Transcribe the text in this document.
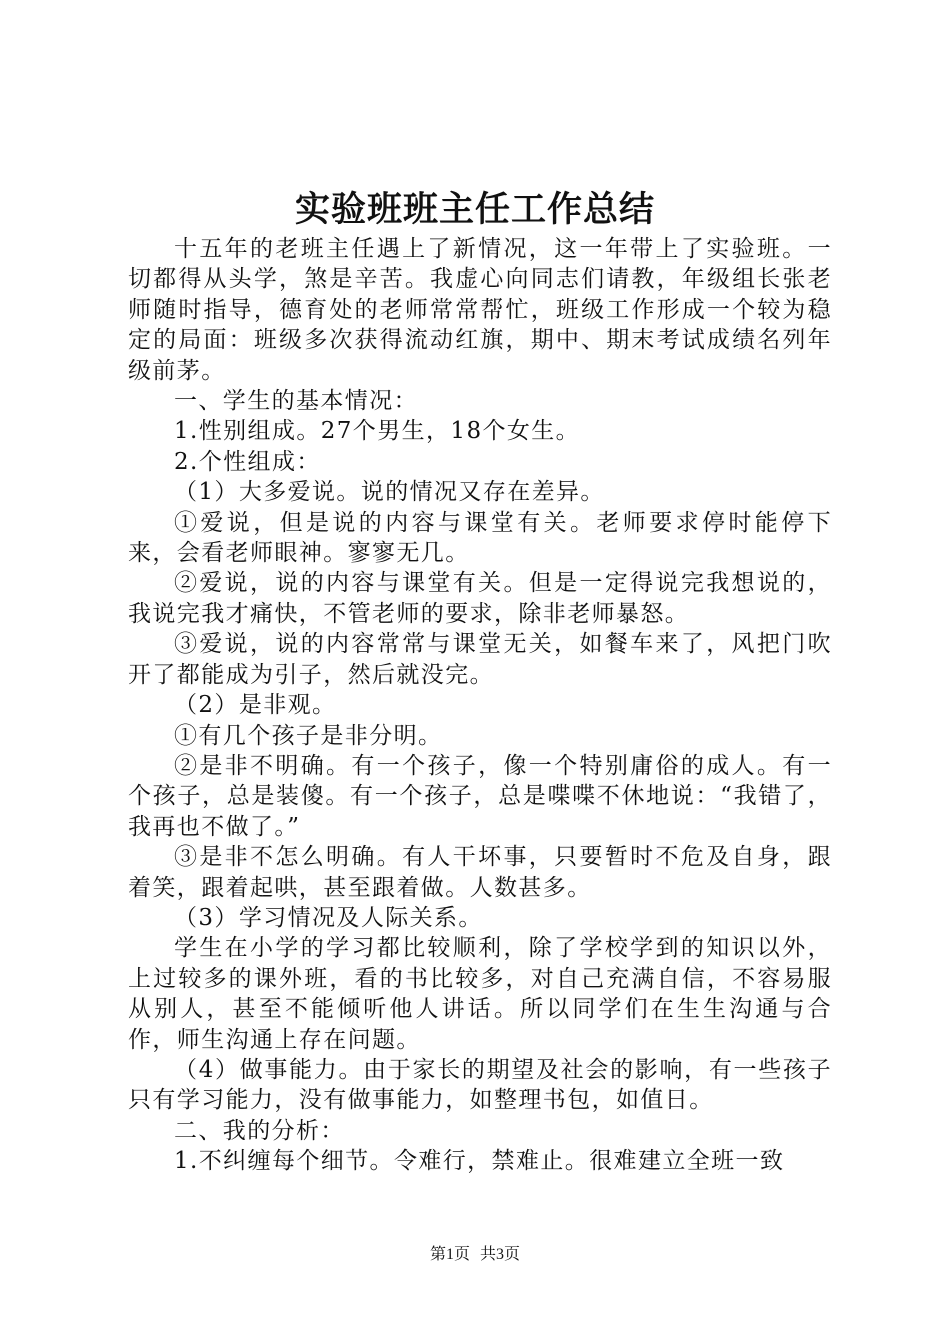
实验班班主任工作总结

十五年的老班主任遇上了新情况，这一年带上了实验班。一切都得从头学，煞是辛苦。我虚心向同志们请教，年级组长张老师随时指导，德育处的老师常常帮忙，班级工作形成一个较为稳定的局面：班级多次获得流动红旗，期中、期末考试成绩名列年级前茅。

一、学生的基本情况：

1.性别组成。27个男生，18个女生。

2.个性组成：

（1）大多爱说。说的情况又存在差异。

①爱说，但是说的内容与课堂有关。老师要求停时能停下来，会看老师眼神。寥寥无几。

②爱说，说的内容与课堂有关。但是一定得说完我想说的，我说完我才痛快，不管老师的要求，除非老师暴怒。

③爱说，说的内容常常与课堂无关，如餐车来了，风把门吹开了都能成为引子，然后就没完。

（2）是非观。

①有几个孩子是非分明。

②是非不明确。有一个孩子，像一个特别庸俗的成人。有一个孩子，总是装傻。有一个孩子，总是喋喋不休地说：“我错了，我再也不做了。”

③是非不怎么明确。有人干坏事，只要暂时不危及自身，跟着笑，跟着起哄，甚至跟着做。人数甚多。

（3）学习情况及人际关系。

学生在小学的学习都比较顺利，除了学校学到的知识以外，上过较多的课外班，看的书比较多，对自己充满自信，不容易服从别人，甚至不能倾听他人讲话。所以同学们在生生沟通与合作，师生沟通上存在问题。

（4）做事能力。由于家长的期望及社会的影响，有一些孩子只有学习能力，没有做事能力，如整理书包，如值日。

二、我的分析：

1.不纠缠每个细节。令难行，禁难止。很难建立全班一致

第1页 共3页
